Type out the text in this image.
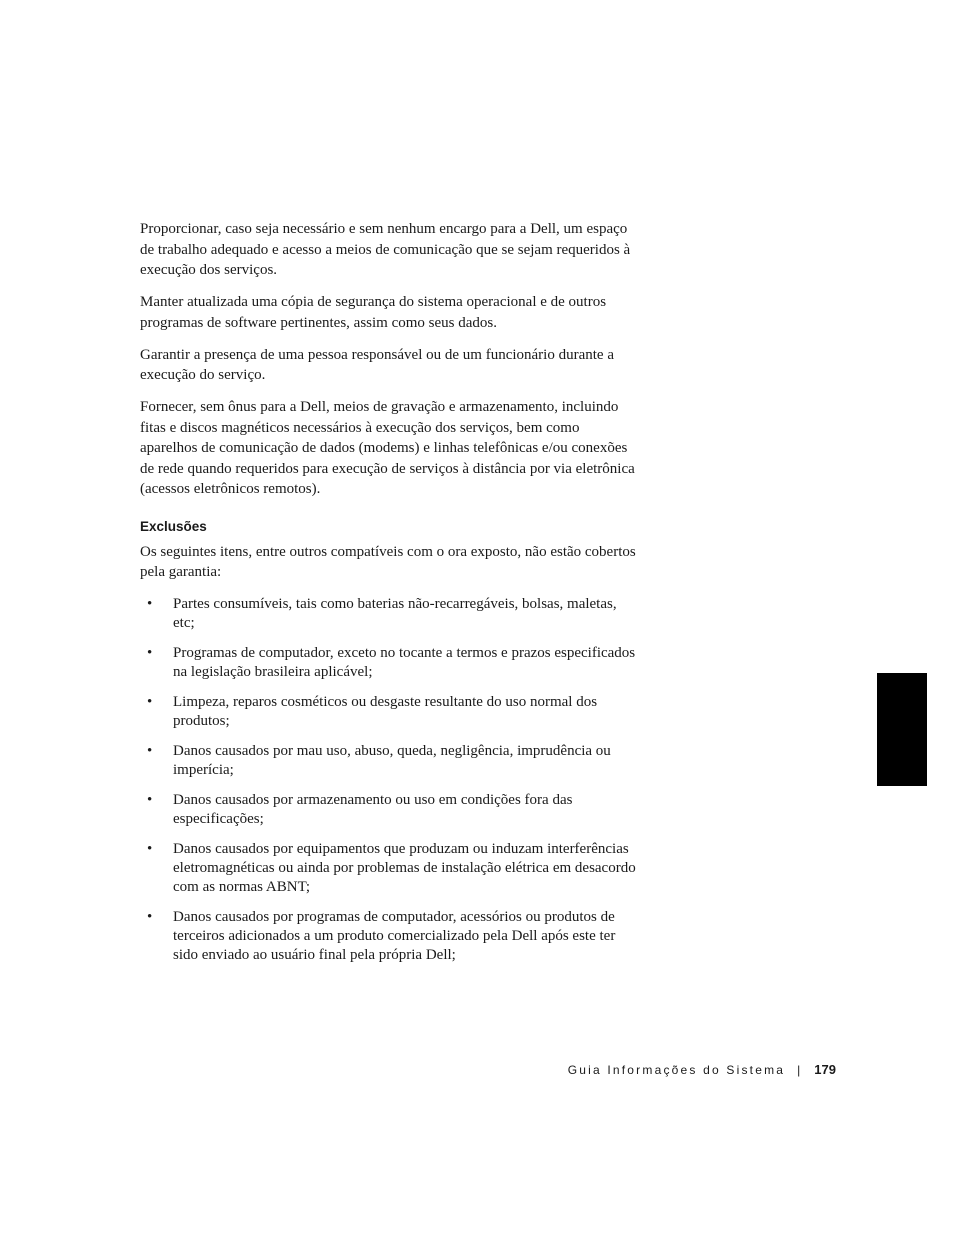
Proporcionar, caso seja necessário e sem nenhum encargo para a Dell, um espaço de trabalho adequado e acesso a meios de comunicação que se sejam requeridos à execução dos serviços.

Manter atualizada uma cópia de segurança do sistema operacional e de outros programas de software pertinentes, assim como seus dados.

Garantir a presença de uma pessoa responsável ou de um funcionário durante a execução do serviço.

Fornecer, sem ônus para a Dell, meios de gravação e armazenamento, incluindo fitas e discos magnéticos necessários à execução dos serviços, bem como aparelhos de comunicação de dados (modems) e linhas telefônicas e/ou conexões de rede quando requeridos para execução de serviços à distância por via eletrônica (acessos eletrônicos remotos).

Exclusões

Os seguintes itens, entre outros compatíveis com o ora exposto, não estão cobertos pela garantia:

• Partes consumíveis, tais como baterias não-recarregáveis, bolsas, maletas, etc;
• Programas de computador, exceto no tocante a termos e prazos especificados na legislação brasileira aplicável;
• Limpeza, reparos cosméticos ou desgaste resultante do uso normal dos produtos;
• Danos causados por mau uso, abuso, queda, negligência, imprudência ou imperícia;
• Danos causados por armazenamento ou uso em condições fora das especificações;
• Danos causados por equipamentos que produzam ou induzam interferências eletromagnéticas ou ainda por problemas de instalação elétrica em desacordo com as normas ABNT;
• Danos causados por programas de computador, acessórios ou produtos de terceiros adicionados a um produto comercializado pela Dell após este ter sido enviado ao usuário final pela própria Dell;
Guia Informações do Sistema | 179
